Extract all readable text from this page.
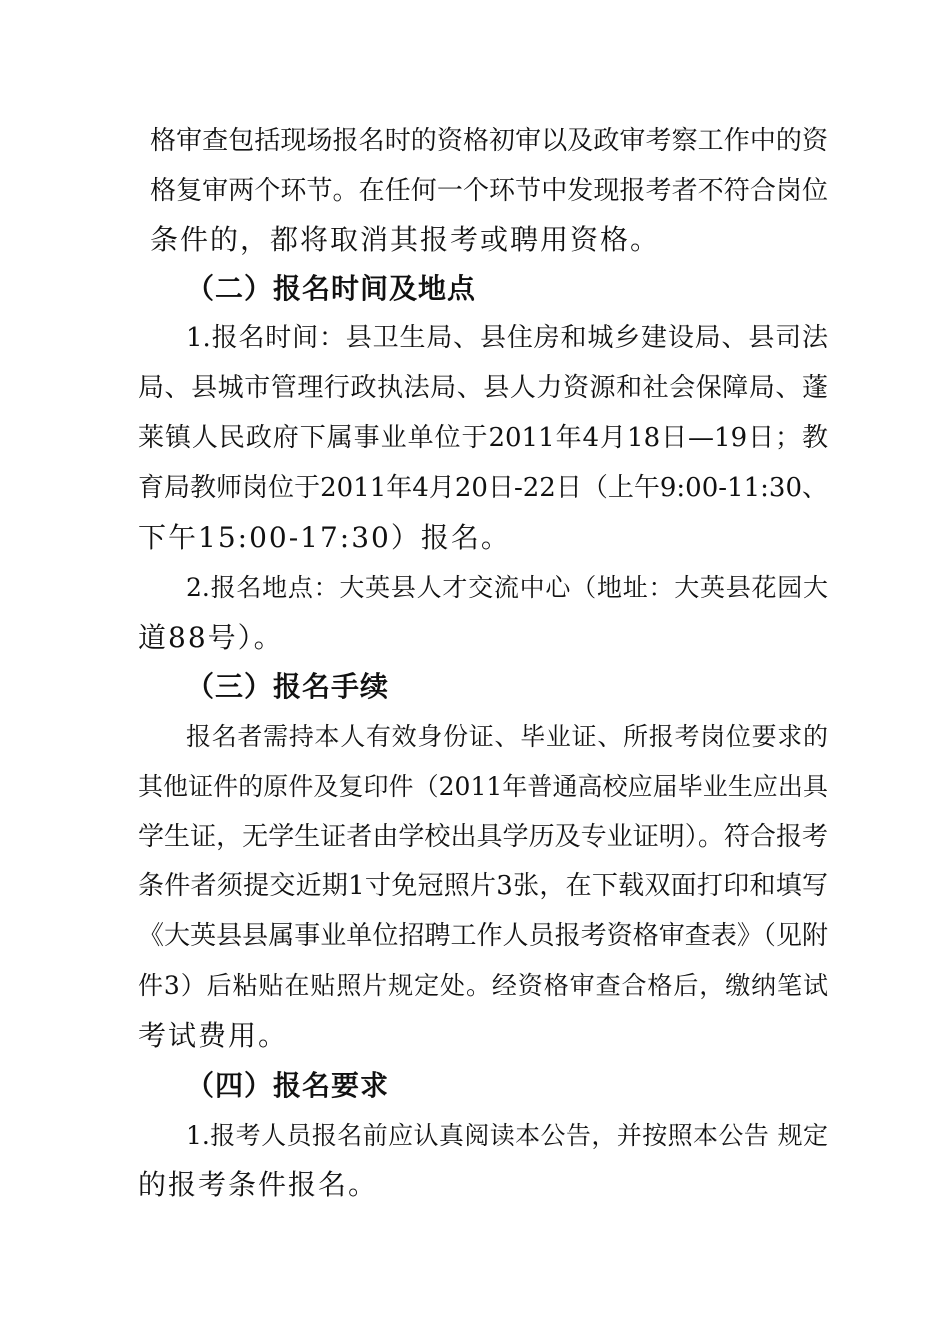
格审查包括现场报名时的资格初审以及政审考察工作中的资
格复审两个环节。在任何一个环节中发现报考者不符合岗位
条件的，都将取消其报考或聘用资格。
（二）报名时间及地点
1.报名时间：县卫生局、县住房和城乡建设局、县司法
局、县城市管理行政执法局、县人力资源和社会保障局、蓬
莱镇人民政府下属事业单位于2011年4月18日—19日；教
育局教师岗位于2011年4月20日-22日（上午9:00-11:30、
下午15:00-17:30）报名。
2.报名地点：大英县人才交流中心（地址：大英县花园大
道88号）。
（三）报名手续
报名者需持本人有效身份证、毕业证、所报考岗位要求的
其他证件的原件及复印件（2011年普通高校应届毕业生应出具
学生证，无学生证者由学校出具学历及专业证明）。符合报考
条件者须提交近期1寸免冠照片3张，在下载双面打印和填写
《大英县县属事业单位招聘工作人员报考资格审查表》（见附
件3）后粘贴在贴照片规定处。经资格审查合格后，缴纳笔试
考试费用。
（四）报名要求
1.报考人员报名前应认真阅读本公告，并按照本公告 规定
的报考条件报名。
